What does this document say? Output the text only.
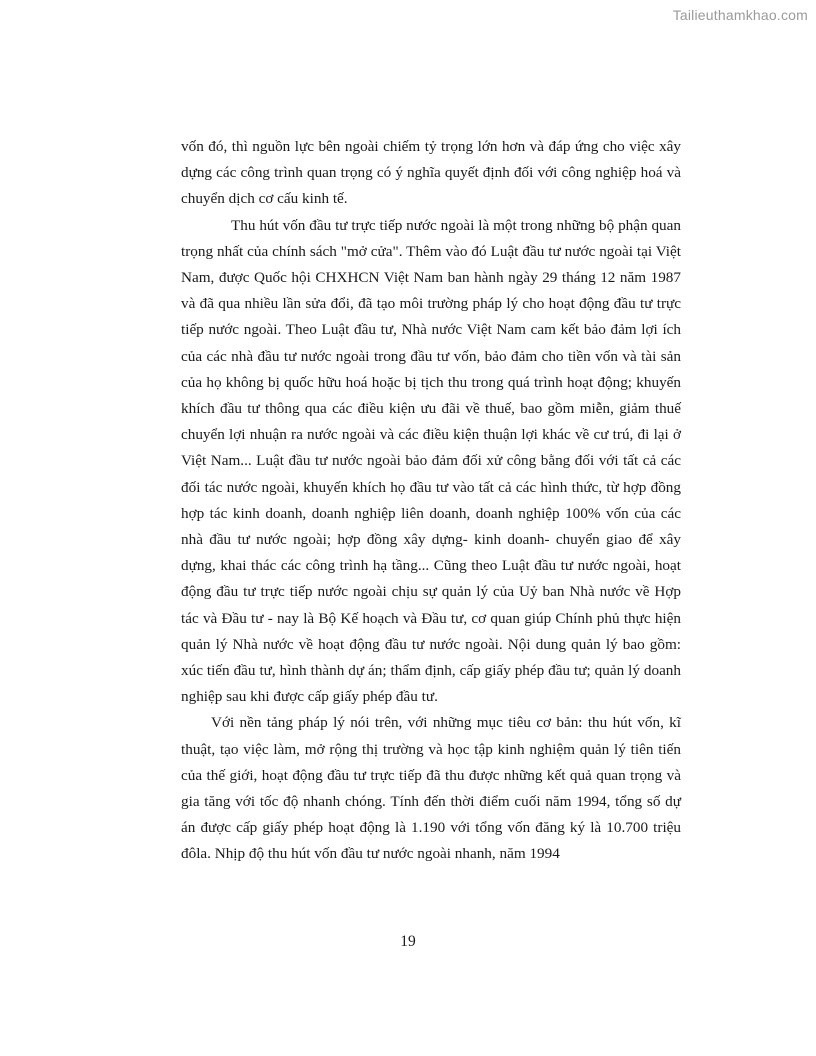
Tailieuthamkhao.com

vốn đó, thì nguồn lực bên ngoài chiếm tỷ trọng lớn hơn và đáp ứng cho việc xây dựng các công trình quan trọng có ý nghĩa quyết định đối với công nghiệp hoá và chuyển dịch cơ cấu kinh tế.

Thu hút vốn đầu tư trực tiếp nước ngoài là một trong những bộ phận quan trọng nhất của chính sách "mở cửa". Thêm vào đó Luật đầu tư nước ngoài tại Việt Nam, được Quốc hội CHXHCN Việt Nam ban hành ngày 29 tháng 12 năm 1987 và đã qua nhiều lần sửa đổi, đã tạo môi trường pháp lý cho hoạt động đầu tư trực tiếp nước ngoài. Theo Luật đầu tư, Nhà nước Việt Nam cam kết bảo đảm lợi ích của các nhà đầu tư nước ngoài trong đầu tư vốn, bảo đảm cho tiền vốn và tài sản của họ không bị quốc hữu hoá hoặc bị tịch thu trong quá trình hoạt động; khuyến khích đầu tư thông qua các điều kiện ưu đãi về thuế, bao gồm miễn, giảm thuế chuyển lợi nhuận ra nước ngoài và các điều kiện thuận lợi khác về cư trú, đi lại ở Việt Nam... Luật đầu tư nước ngoài bảo đảm đối xử công bằng đối với tất cả các đối tác nước ngoài, khuyến khích họ đầu tư vào tất cả các hình thức, từ hợp đồng hợp tác kinh doanh, doanh nghiệp liên doanh, doanh nghiệp 100% vốn của các nhà đầu tư nước ngoài; hợp đồng xây dựng- kinh doanh- chuyển giao để xây dựng, khai thác các công trình hạ tầng... Cũng theo Luật đầu tư nước ngoài, hoạt động đầu tư trực tiếp nước ngoài chịu sự quản lý của Uỷ ban Nhà nước về Hợp tác và Đầu tư - nay là Bộ Kế hoạch và Đầu tư, cơ quan giúp Chính phủ thực hiện quản lý Nhà nước về hoạt động đầu tư nước ngoài. Nội dung quản lý bao gồm: xúc tiến đầu tư, hình thành dự án; thẩm định, cấp giấy phép đầu tư; quản lý doanh nghiệp sau khi được cấp giấy phép đầu tư.

Với nền tảng pháp lý nói trên, với những mục tiêu cơ bản: thu hút vốn, kĩ thuật, tạo việc làm, mở rộng thị trường và học tập kinh nghiệm quản lý tiên tiến của thế giới, hoạt động đầu tư trực tiếp đã thu được những kết quả quan trọng và gia tăng với tốc độ nhanh chóng. Tính đến thời điểm cuối năm 1994, tổng số dự án được cấp giấy phép hoạt động là 1.190 với tổng vốn đăng ký là 10.700 triệu đôla. Nhịp độ thu hút vốn đầu tư nước ngoài nhanh, năm 1994

19
